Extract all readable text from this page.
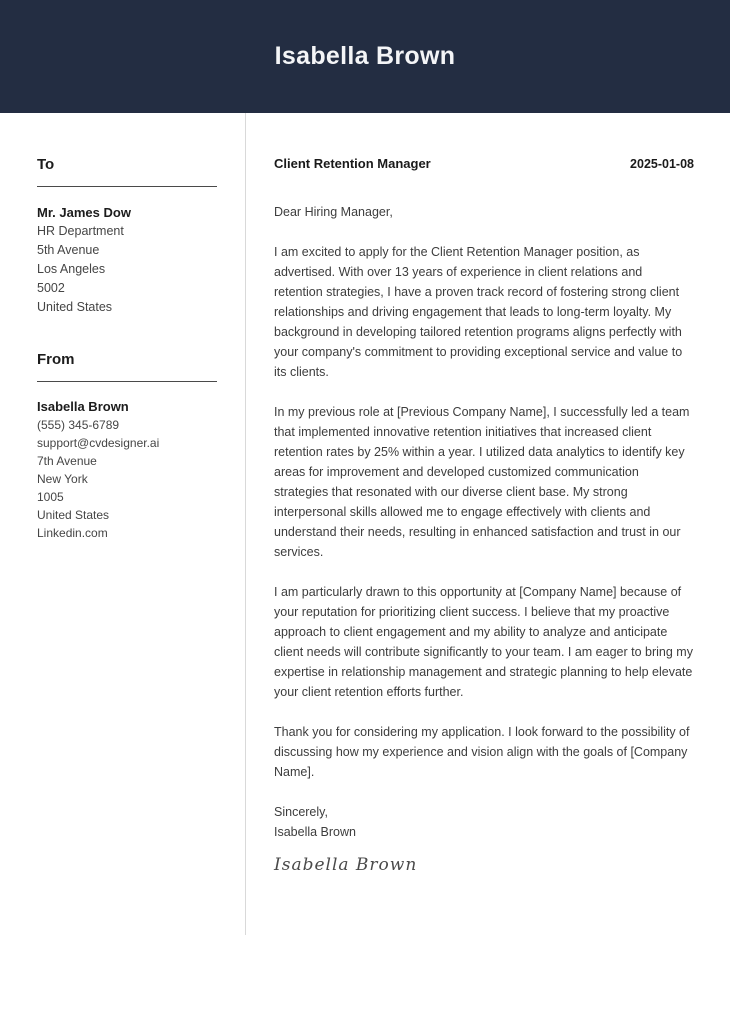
Isabella Brown
To
Mr. James Dow
HR Department
5th Avenue
Los Angeles
5002
United States
From
Isabella Brown
(555) 345-6789
support@cvdesigner.ai
7th Avenue
New York
1005
United States
Linkedin.com
Client Retention Manager	2025-01-08
Dear Hiring Manager,

I am excited to apply for the Client Retention Manager position, as advertised. With over 13 years of experience in client relations and retention strategies, I have a proven track record of fostering strong client relationships and driving engagement that leads to long-term loyalty. My background in developing tailored retention programs aligns perfectly with your company's commitment to providing exceptional service and value to its clients.

In my previous role at [Previous Company Name], I successfully led a team that implemented innovative retention initiatives that increased client retention rates by 25% within a year. I utilized data analytics to identify key areas for improvement and developed customized communication strategies that resonated with our diverse client base. My strong interpersonal skills allowed me to engage effectively with clients and understand their needs, resulting in enhanced satisfaction and trust in our services.

I am particularly drawn to this opportunity at [Company Name] because of your reputation for prioritizing client success. I believe that my proactive approach to client engagement and my ability to analyze and anticipate client needs will contribute significantly to your team. I am eager to bring my expertise in relationship management and strategic planning to help elevate your client retention efforts further.

Thank you for considering my application. I look forward to the possibility of discussing how my experience and vision align with the goals of [Company Name].

Sincerely,
Isabella Brown
Isabella Brown
